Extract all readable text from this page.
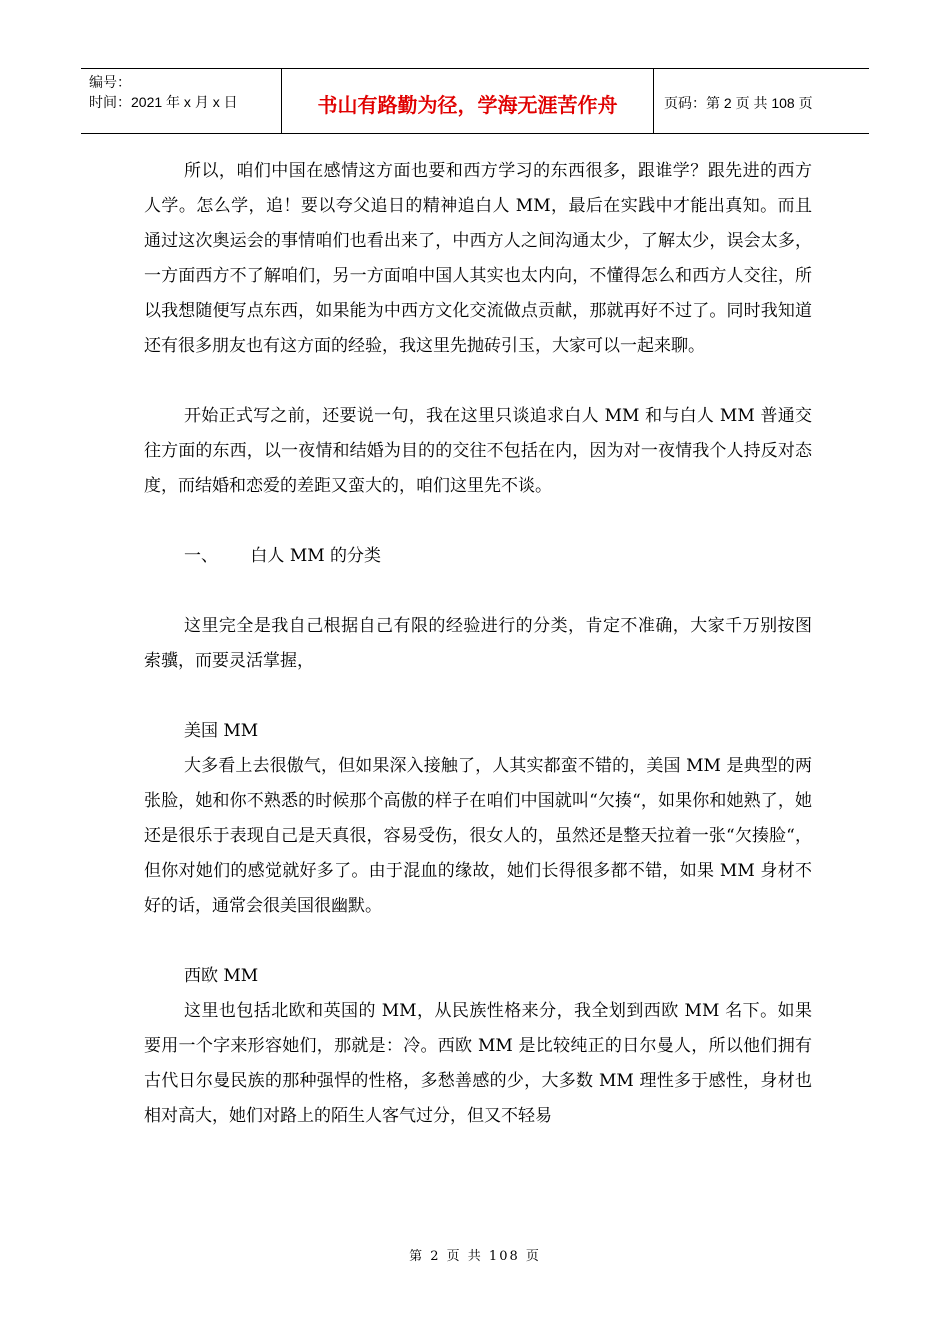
编号：
时间：2021 年 x 月 x 日	书山有路勤为径，学海无涯苦作舟	页码：第 2 页 共 108 页

所以，咱们中国在感情这方面也要和西方学习的东西很多，跟谁学？跟先进的西方人学。怎么学，追！要以夸父追日的精神追白人 MM，最后在实践中才能出真知。而且通过这次奥运会的事情咱们也看出来了，中西方人之间沟通太少，了解太少，误会太多，一方面西方不了解咱们，另一方面咱中国人其实也太内向，不懂得怎么和西方人交往，所以我想随便写点东西，如果能为中西方文化交流做点贡献，那就再好不过了。同时我知道还有很多朋友也有这方面的经验，我这里先抛砖引玉，大家可以一起来聊。

开始正式写之前，还要说一句，我在这里只谈追求白人 MM 和与白人 MM 普通交往方面的东西，以一夜情和结婚为目的的交往不包括在内，因为对一夜情我个人持反对态度，而结婚和恋爱的差距又蛮大的，咱们这里先不谈。

一、      白人 MM 的分类

这里完全是我自己根据自己有限的经验进行的分类，肯定不准确，大家千万别按图索骥，而要灵活掌握，

美国 MM

大多看上去很傲气，但如果深入接触了，人其实都蛮不错的，美国 MM 是典型的两张脸，她和你不熟悉的时候那个高傲的样子在咱们中国就叫“欠揍“，如果你和她熟了，她还是很乐于表现自己是天真很，容易受伤，很女人的，虽然还是整天拉着一张“欠揍脸“，但你对她们的感觉就好多了。由于混血的缘故，她们长得很多都不错，如果 MM 身材不好的话，通常会很美国很幽默。

西欧 MM

这里也包括北欧和英国的 MM，从民族性格来分，我全划到西欧 MM 名下。如果要用一个字来形容她们，那就是：冷。西欧 MM 是比较纯正的日尔曼人，所以他们拥有古代日尔曼民族的那种强悍的性格，多愁善感的少，大多数 MM 理性多于感性，身材也相对高大，她们对路上的陌生人客气过分，但又不轻易

第 2 页 共 108 页
